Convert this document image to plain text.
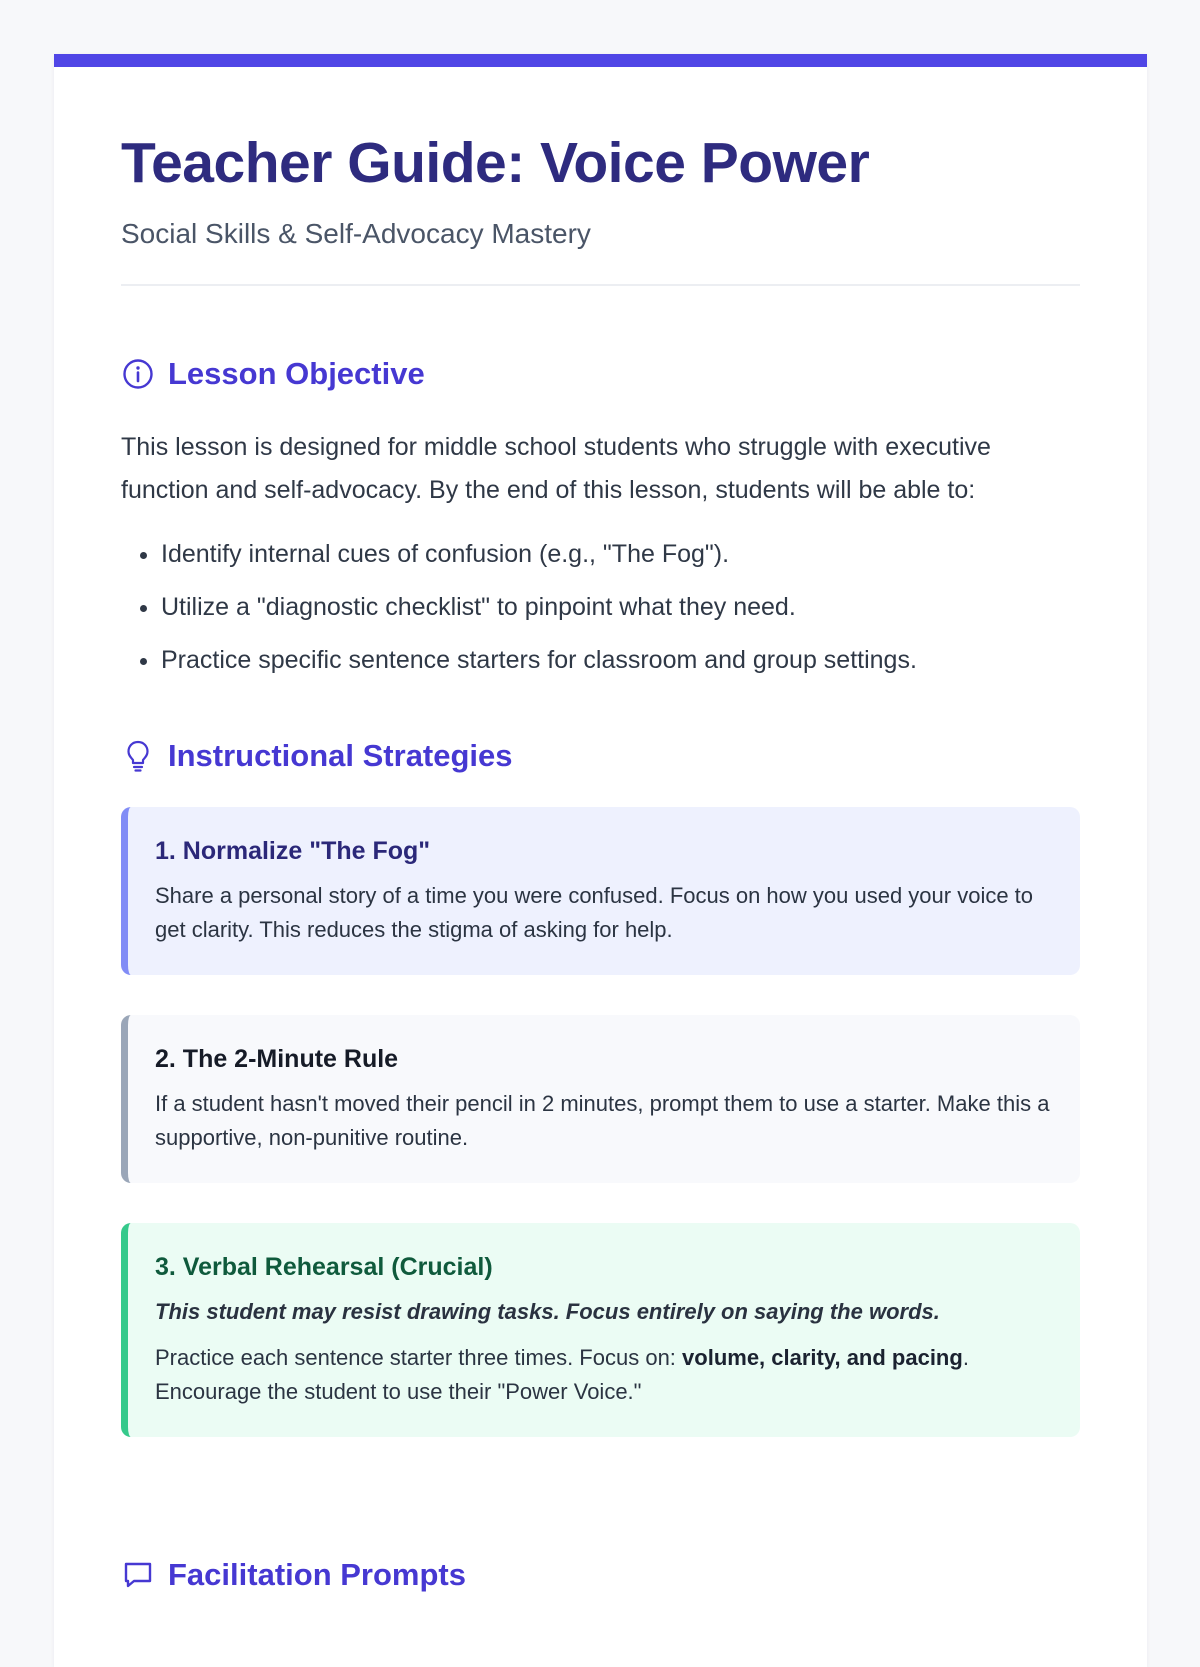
Teacher Guide: Voice Power

Social Skills & Self-Advocacy Mastery

Lesson Objective

This lesson is designed for middle school students who struggle with executive function and self-advocacy. By the end of this lesson, students will be able to:

• Identify internal cues of confusion (e.g., "The Fog").
• Utilize a "diagnostic checklist" to pinpoint what they need.
• Practice specific sentence starters for classroom and group settings.
Instructional Strategies
1. Normalize "The Fog"

Share a personal story of a time you were confused. Focus on how you used your voice to get clarity. This reduces the stigma of asking for help.

2. The 2-Minute Rule

If a student hasn't moved their pencil in 2 minutes, prompt them to use a starter. Make this a supportive, non-punitive routine.

3. Verbal Rehearsal (Crucial)

This student may resist drawing tasks. Focus entirely on saying the words.

Practice each sentence starter three times. Focus on: volume, clarity, and pacing. Encourage the student to use their "Power Voice."

Facilitation Prompts
